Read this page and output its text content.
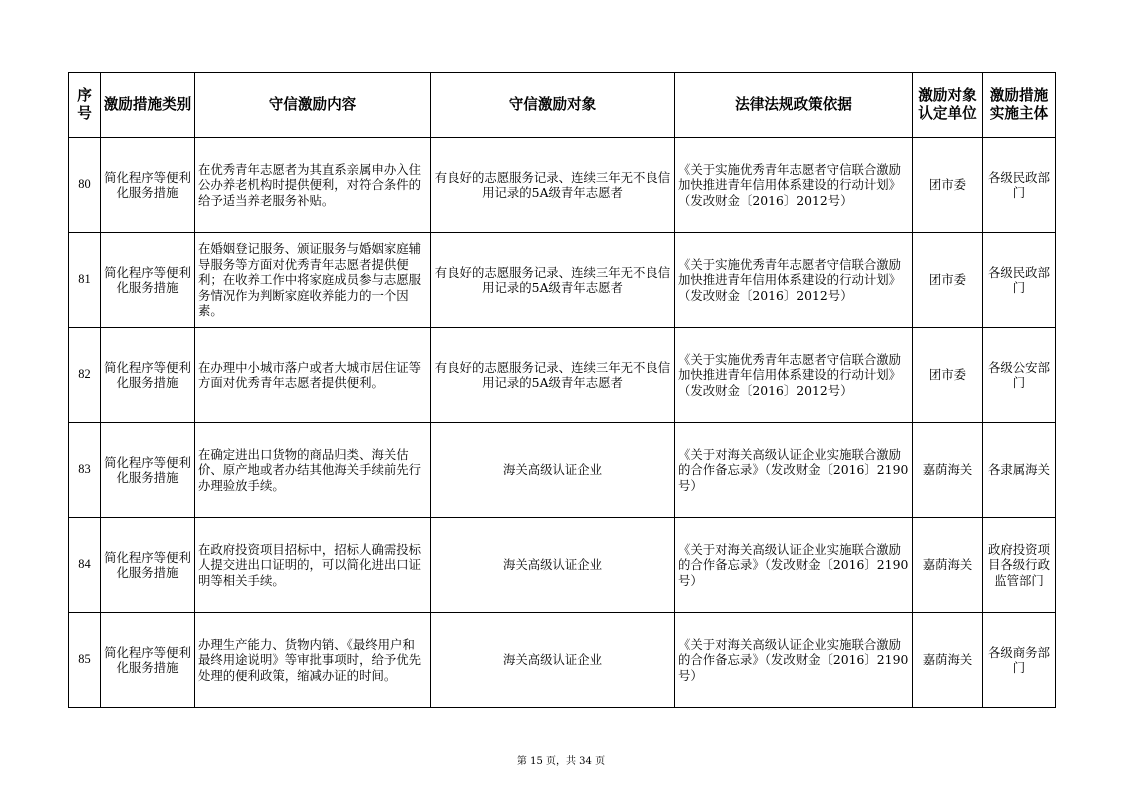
序号	激励措施类别	守信激励内容	守信激励对象	法律法规政策依据	激励对象认定单位	激励措施实施主体
80	简化程序等便利化服务措施	在优秀青年志愿者为其直系亲属申办入住公办养老机构时提供便利，对符合条件的给予适当养老服务补贴。	有良好的志愿服务记录、连续三年无不良信用记录的5A级青年志愿者	《关于实施优秀青年志愿者守信联合激励加快推进青年信用体系建设的行动计划》（发改财金〔2016〕2012号）	团市委	各级民政部门
81	简化程序等便利化服务措施	在婚姻登记服务、颁证服务与婚姻家庭辅导服务等方面对优秀青年志愿者提供便利；在收养工作中将家庭成员参与志愿服务情况作为判断家庭收养能力的一个因素。	有良好的志愿服务记录、连续三年无不良信用记录的5A级青年志愿者	《关于实施优秀青年志愿者守信联合激励加快推进青年信用体系建设的行动计划》（发改财金〔2016〕2012号）	团市委	各级民政部门
82	简化程序等便利化服务措施	在办理中小城市落户或者大城市居住证等方面对优秀青年志愿者提供便利。	有良好的志愿服务记录、连续三年无不良信用记录的5A级青年志愿者	《关于实施优秀青年志愿者守信联合激励加快推进青年信用体系建设的行动计划》（发改财金〔2016〕2012号）	团市委	各级公安部门
83	简化程序等便利化服务措施	在确定进出口货物的商品归类、海关估价、原产地或者办结其他海关手续前先行办理验放手续。	海关高级认证企业	《关于对海关高级认证企业实施联合激励的合作备忘录》（发改财金〔2016〕2190号）	嘉荫海关	各隶属海关
84	简化程序等便利化服务措施	在政府投资项目招标中，招标人确需投标人提交进出口证明的，可以简化进出口证明等相关手续。	海关高级认证企业	《关于对海关高级认证企业实施联合激励的合作备忘录》（发改财金〔2016〕2190号）	嘉荫海关	政府投资项目各级行政监管部门
85	简化程序等便利化服务措施	办理生产能力、货物内销、《最终用户和最终用途说明》等审批事项时，给予优先处理的便利政策，缩减办证的时间。	海关高级认证企业	《关于对海关高级认证企业实施联合激励的合作备忘录》（发改财金〔2016〕2190号）	嘉荫海关	各级商务部门
第 15 页，共 34 页
